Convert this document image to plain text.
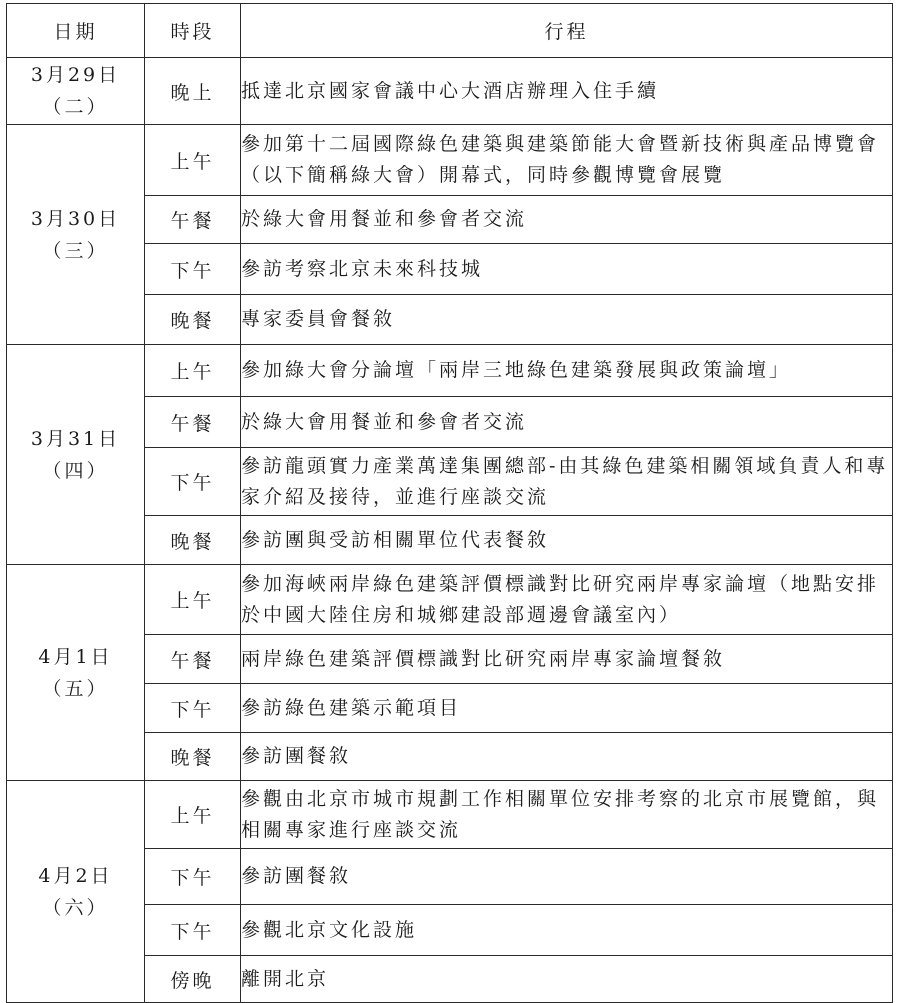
日期	時段	行程

3月29日
（二）	晚上	抵達北京國家會議中心大酒店辦理入住手續

3月30日
（三）	上午	參加第十二屆國際綠色建築與建築節能大會暨新技術與產品博覽會（以下簡稱綠大會）開幕式，同時參觀博覽會展覽
	午餐	於綠大會用餐並和參會者交流
	下午	參訪考察北京未來科技城
	晚餐	專家委員會餐敘

3月31日
（四）	上午	參加綠大會分論壇「兩岸三地綠色建築發展與政策論壇」
	午餐	於綠大會用餐並和參會者交流
	下午	參訪龍頭實力產業萬達集團總部-由其綠色建築相關領域負責人和專家介紹及接待，並進行座談交流
	晚餐	參訪團與受訪相關單位代表餐敘

4月1日
（五）	上午	參加海峽兩岸綠色建築評價標識對比研究兩岸專家論壇（地點安排於中國大陸住房和城鄉建設部週邊會議室內）
	午餐	兩岸綠色建築評價標識對比研究兩岸專家論壇餐敘
	下午	參訪綠色建築示範項目
	晚餐	參訪團餐敘

4月2日
（六）	上午	參觀由北京市城市規劃工作相關單位安排考察的北京市展覽館，與相關專家進行座談交流
	下午	參訪團餐敘
	下午	參觀北京文化設施
	傍晚	離開北京
